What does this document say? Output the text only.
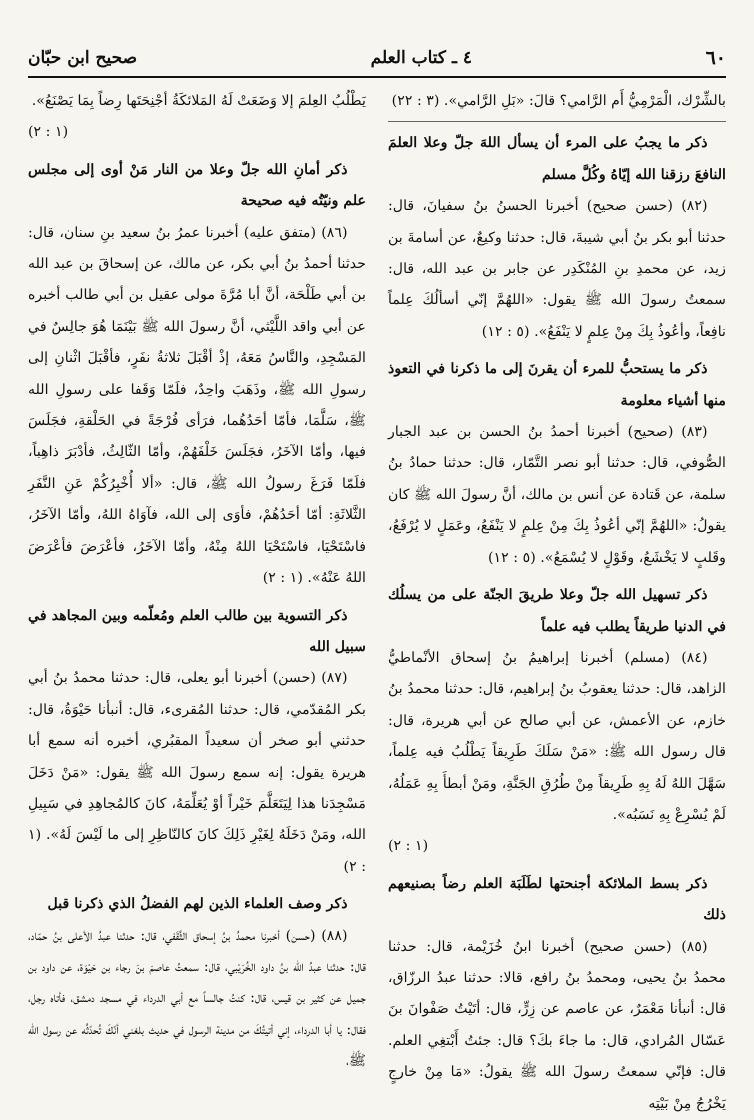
٦٠
٤ ـ كتاب العلم
صحيح ابن حبّان

بالشِّرْك، الْمَرْمِيُّ أَم الرَّامي؟ قالَ: «بَلِ الرَّامي». (٣ : ٢٢)

ذكر ما يجبُ على المرء أن يسأل اللهَ جلّ وعلا العلمَ النافعَ رزقنا الله إيّاهُ وكُلَّ مسلم

(٨٢) (حسن صحيح) أخبرنا الحسنُ بنُ سفيانَ، قال: حدثنا أبو بكر بنُ أبي شيبةَ، قال: حدثنا وكيعٌ، عن أسامةَ بن زيد، عن محمدِ بنِ المُنْكَدِر عن جابر بن عبد الله، قال: سمعتُ رسولَ الله ﷺ يقول: «اللهُمَّ إنّي أسألُكَ عِلماً نافِعاً، وأعُوذُ بِكَ مِنْ عِلمٍ لا يَنْفَعُ». (٥ : ١٢)

ذكر ما يستحبُّ للمرء أن يقرنَ إلى ما ذكرنا في التعوذ منها أشياء معلومة

(٨٣) (صحيح) أخبرنا أحمدُ بنُ الحسن بن عبد الجبار الصُّوفي، قال: حدثنا أبو نصر التَّمّار، قال: حدثنا حمادُ بنُ سلمة، عن قَتادة عن أنس بن مالك، أنَّ رسولَ الله ﷺ كان يقولُ: «اللهُمَّ إنّي أعُوذُ بِكَ مِنْ عِلمٍ لا يَنْفَعُ، وعَمَلٍ لا يُرْفَعُ، وقَلبٍ لا يَخْشَعُ، وقَوْلٍ لا يُسْمَعُ». (٥ : ١٢)

ذكر تسهيل الله جلّ وعلا طريقَ الجنّة على من يسلُك في الدنيا طريقاً يطلب فيه علماً

(٨٤) (مسلم) أخبرنا إبراهيمُ بنُ إسحاق الأنْماطيُّ الزاهد، قال: حدثنا يعقوبُ بنُ إبراهيم، قال: حدثنا محمدُ بنُ خازم، عن الأعمش، عن أبي صالح عن أبي هريرة، قال: قال رسول الله ﷺ: «مَنْ سَلَكَ طَرِيقاً يَطْلُبُ فيه عِلماً، سَهَّلَ اللهُ لَهُ بِهِ طَرِيقاً مِنْ طُرُقِ الجَنَّةِ، ومَنْ أبطأَ بِهِ عَمَلُهُ، لَمْ يُسْرِعْ بِهِ نَسَبُه».

(١ : ٢)

ذكر بسط الملائكة أجنحتها لطَلَبَة العلم رضاً بصنيعهم ذلك

(٨٥) (حسن صحيح) أخبرنا ابنُ خُزَيْمة، قال: حدثنا محمدُ بنُ يحيى، ومحمدُ بنُ رافع، قالا: حدثنا عبدُ الرزّاق، قال: أنبأنا مَعْمَرٌ، عن عاصم عن زِرٍّ، قال: أتَيْتُ صَفْوانَ بنَ عَسّال المُرادي، قال: ما جاءَ بكَ؟ قال: جئتُ أَبْتغِي العلم. قال: فإنّي سمعتُ رسولَ الله ﷺ يقولُ: «مَا مِنْ خارجٍ يَخْرُجُ مِنْ بَيْتِه

يَطْلُبُ العِلمَ إلا وَضَعَتْ لَهُ المَلائكَةُ أجْنِحَتَها رِضاً بِمَا يَصْنَعُ».

(١ : ٢)

ذكر أمانِ الله جلّ وعلا من النار مَنْ أوى إلى مجلس علم ونيّتُه فيه صحيحة

(٨٦) (متفق عليه) أخبرنا عمرُ بنُ سعيد بنِ سنان، قال: حدثنا أحمدُ بنُ أبي بكر، عن مالك، عن إسحاقَ بن عبد الله بن أبي طَلْحَة، أنَّ أبا مُرَّةَ مولى عقيل بن أبي طالب أخبره عن أبي واقد اللَّيْثي، أنَّ رسولَ الله ﷺ بَيْنَمَا هُوَ جالِسٌ في المَسْجِدِ، والنَّاسُ مَعَهُ، إذْ أقْبَلَ ثلاثةُ نفَرٍ، فأقْبَلَ اثْنانِ إلى رسولِ الله ﷺ، وذَهَبَ واحِدٌ، فلَمّا وَقَفا على رسولِ الله ﷺ، سَلَّمَا، فأمّا أحَدُهُما، فرَأى فُرْجَةً في الحَلْقةِ، فجَلَسَ فيها، وأمّا الآخَرُ، فجَلَسَ خَلْفَهُمْ، وأمّا الثّالِثُ، فأدْبَرَ ذاهِباً، فلَمّا فَرَغَ رسولُ الله ﷺ، قال: «ألا أُخْبِرُكُمْ عَنِ النَّفَرِ الثَّلاثَةِ: أمّا أحَدُهُمْ، فأوَى إلى الله، فآوَاهُ اللهُ، وأمّا الآخَرُ، فاسْتَحْيَا، فاسْتَحْيَا اللهُ مِنْهُ، وأمّا الآخَرُ، فأعْرَضَ فأعْرَضَ اللهُ عَنْهُ». (١ : ٢)

ذكر التسوية بين طالب العلم ومُعلّمه وبين المجاهد في سبيل الله

(٨٧) (حسن) أخبرنا أبو يعلى، قال: حدثنا محمدُ بنُ أبي بكر المُقدّمي، قال: حدثنا المُقرىء، قال: أنبأنا حَيْوَةُ، قال: حدثني أبو صخر أن سعيداً المقبُري، أخبره أنه سمع أبا هريرة يقول: إنه سمع رسولَ الله ﷺ يقول: «مَنْ دَخَلَ مَسْجِدَنا هذا لِيَتَعَلَّمَ خَيْراً أوْ يُعَلِّمَهُ، كانَ كالمُجاهِدِ في سَبِيلِ الله، ومَنْ دَخَلَهُ لِغَيْرِ ذَلِكَ كانَ كالنّاظِرِ إلى ما لَيْسَ لَهُ». (١ : ٢)

ذكر وصف العلماء الذين لهم الفضلُ الذي ذكرنا قبل

(٨٨) (حسن) أخبرنا محمدُ بنُ إسحاق الثَّقَفي، قال: حدثنا عبدُ الأعلى بنُ حمّاد، قال: حدثنا عبدُ الله بنُ داود الخُرَيْبي، قال: سمعتُ عاصمَ بنَ رجاء بن حَيْوَة، عن داود بن جميل عن كثير بن قيس، قال: كنتُ جالساً مع أبي الدرداء في مسجد دمشق، فأتاه رجل، فقال: يا أبا الدرداء، إني أتيتُكَ من مدينة الرسول في حديث بلغني أنّكَ تُحدّثُه عن رسول الله ﷺ،
